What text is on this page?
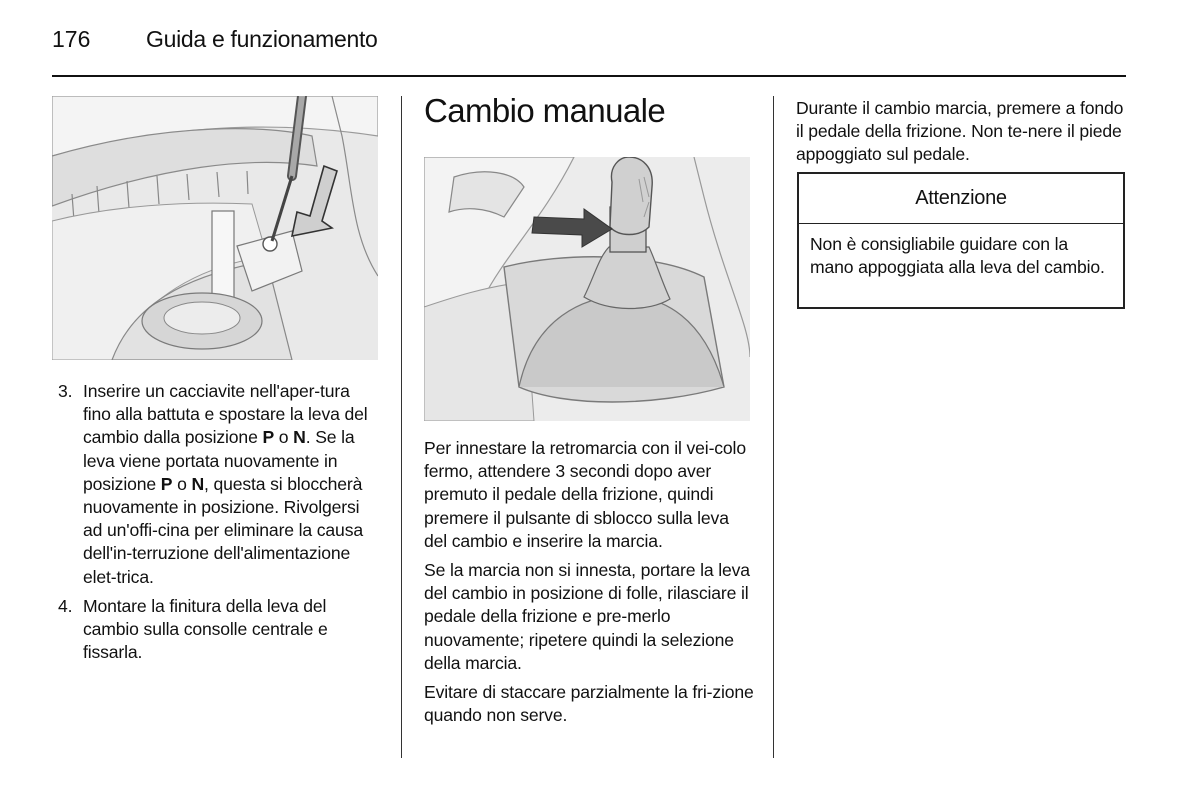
176	Guida e funzionamento
3. Inserire un cacciavite nell'aper-tura fino alla battuta e spostare la leva del cambio dalla posizione P o N. Se la leva viene portata nuovamente in posizione P o N, questa si bloccherà nuovamente in posizione. Rivolgersi ad un'offi-cina per eliminare la causa dell'in-terruzione dell'alimentazione elet-trica.
4. Montare la finitura della leva del cambio sulla consolle centrale e fissarla.
Cambio manuale

Per innestare la retromarcia con il vei-colo fermo, attendere 3 secondi dopo aver premuto il pedale della frizione, quindi premere il pulsante di sblocco sulla leva del cambio e inserire la marcia.

Se la marcia non si innesta, portare la leva del cambio in posizione di folle, rilasciare il pedale della frizione e pre-merlo nuovamente; ripetere quindi la selezione della marcia.

Evitare di staccare parzialmente la fri-zione quando non serve.

Durante il cambio marcia, premere a fondo il pedale della frizione. Non te-nere il piede appoggiato sul pedale.

Attenzione

Non è consigliabile guidare con la mano appoggiata alla leva del cambio.
